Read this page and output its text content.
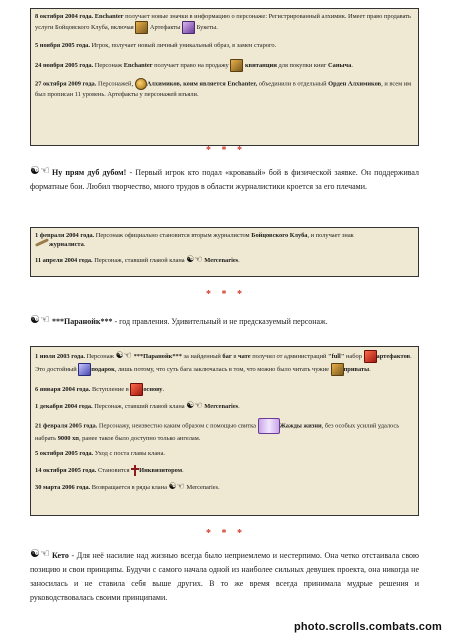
8 октября 2004 года. Enchanter получает новые значки в информацию о персонаже: Регистрированный алхимик. Имеет право продавать услуги Бойцовского Клуба, включая	Артефакты	Букеты.

5 ноября 2005 года. Игрок, получает новый личный уникальный образ, в замен старого.

24 ноября 2005 года. Персонаж Enchanter получает право на продажу	квитанции для покупки книг Саныча.

27 октября 2009 года. Персонажей, Алхимиков, коим является Enchanter, объединили в отдельный Орден Алхимиков, и всем им был прописан 11 уровень. Артефакты у персонажей изъяли.

* * *
☯ ☜Ну прям дуб дубом! - Первый игрок кто подал «кровавый» бой в физической заявке. Он поддерживал форматные бои. Любил творчество, много трудов в области журналистики кроется за его плечами.

1 февраля 2004 года. Персонаж официально становится вторым журналистом Бойцовского Клуба, и получает знак
журналиста.

11 апреля 2004 года. Персонаж, ставший главой клана ☯ ☜	Mercenaries.

* * *
☯ ☜***Паранойк*** - год правления. Удивительный и не предсказуемый персонаж.

1 июля 2003 года. Персонаж ☯ ☜	***Паранойк*** за найденный баг в чате получил от администраций "full" набор артефактов. Это достойный подарок, лишь потому, что суть бага заключалась в том, что можно было читать чужие приваты.

6 января 2004 года. Вступление в основу.

1 декабря 2004 года. Персонаж, ставший главой клана ☯ ☜	Mercenaries.

21 февраля 2005 года. Персонажу, неизвестно каким образом с помощью свитка	Жажды жизни, без особых усилий удалось набрать 9000 хп, ранее такое было доступно только ангелам.

5 октября 2005 года. Уход с поста главы клана.

14 октября 2005 года. Становится Инквизитором.

30 марта 2006 года. Возвращается в ряды клана ☯ ☜	Mercenaries.

* * *
☯ ☜Кето - Для неё насилие над жизнью всегда было неприемлемо и нестерпимо. Она четко отстаивала свою позицию и свои принципы. Будучи с самого начала одной из наиболее сильных девушек проекта, она никогда не заносилась и не ставила себя выше других. В то же время всегда принимала мудрые решения и руководствовалась своими принципами.
photo.scrolls.combats.com
